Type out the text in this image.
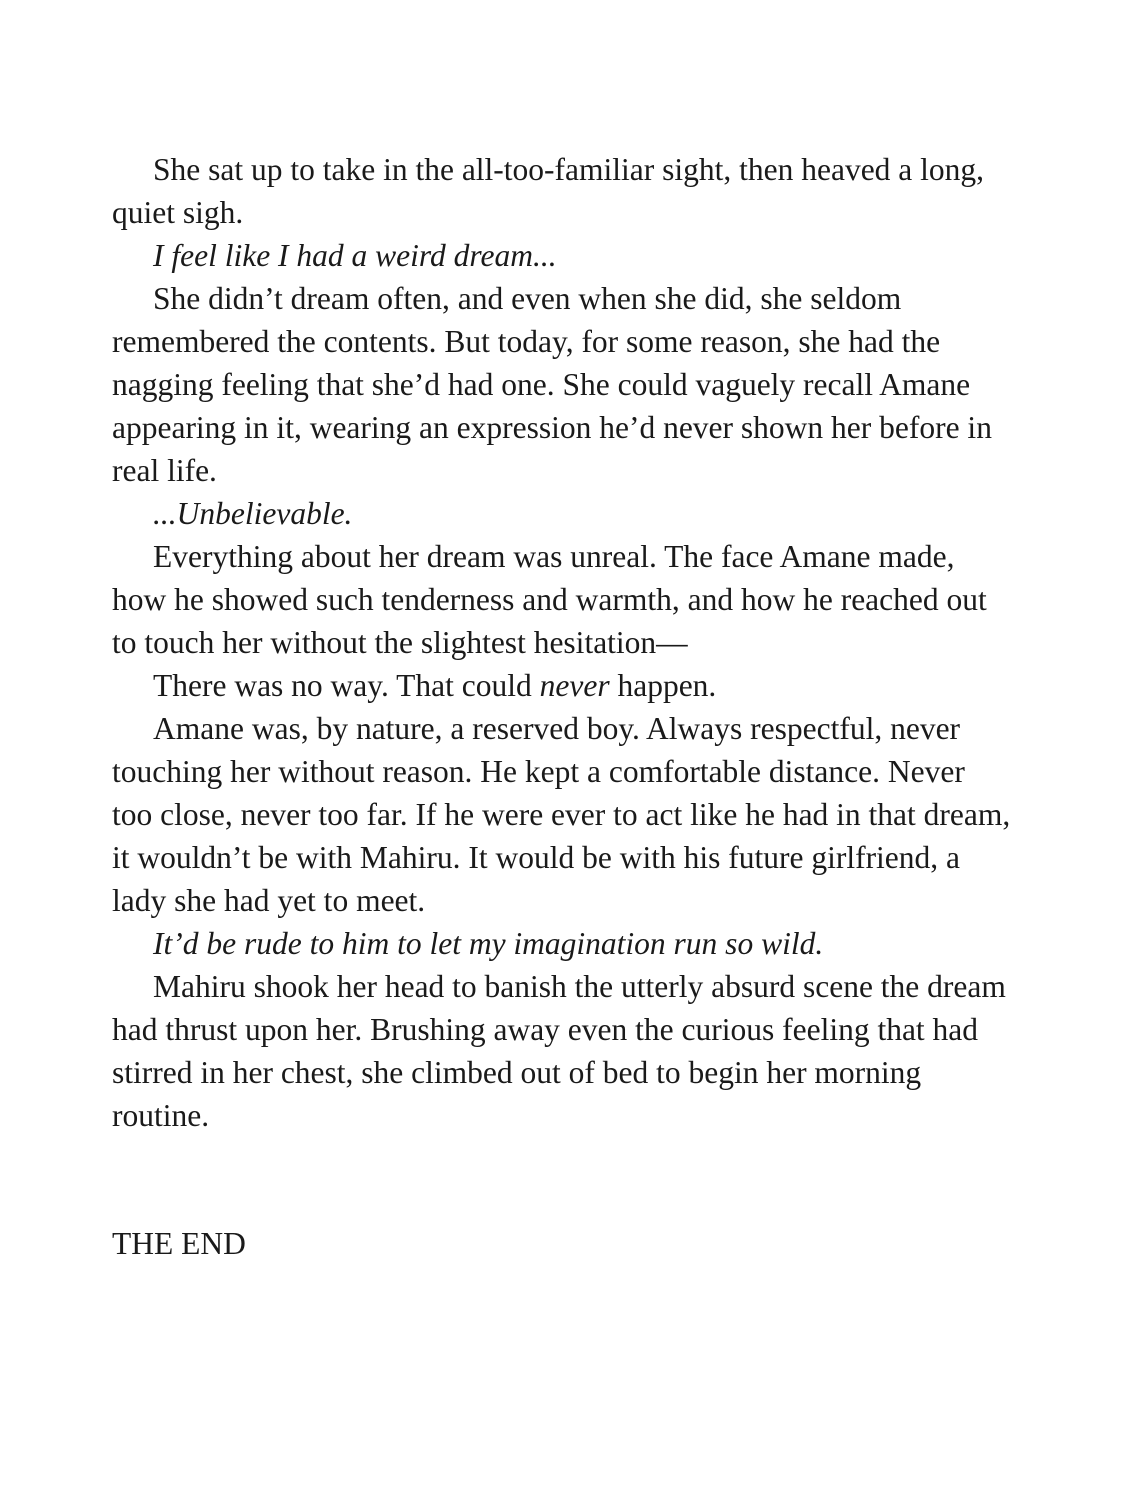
She sat up to take in the all-too-familiar sight, then heaved a long, quiet sigh.

I feel like I had a weird dream...

She didn’t dream often, and even when she did, she seldom remembered the contents. But today, for some reason, she had the nagging feeling that she’d had one. She could vaguely recall Amane appearing in it, wearing an expression he’d never shown her before in real life.

...Unbelievable.

Everything about her dream was unreal. The face Amane made, how he showed such tenderness and warmth, and how he reached out to touch her without the slightest hesitation—

There was no way. That could never happen.

Amane was, by nature, a reserved boy. Always respectful, never touching her without reason. He kept a comfortable distance. Never too close, never too far. If he were ever to act like he had in that dream, it wouldn’t be with Mahiru. It would be with his future girlfriend, a lady she had yet to meet.

It’d be rude to him to let my imagination run so wild.

Mahiru shook her head to banish the utterly absurd scene the dream had thrust upon her. Brushing away even the curious feeling that had stirred in her chest, she climbed out of bed to begin her morning routine.

THE END
